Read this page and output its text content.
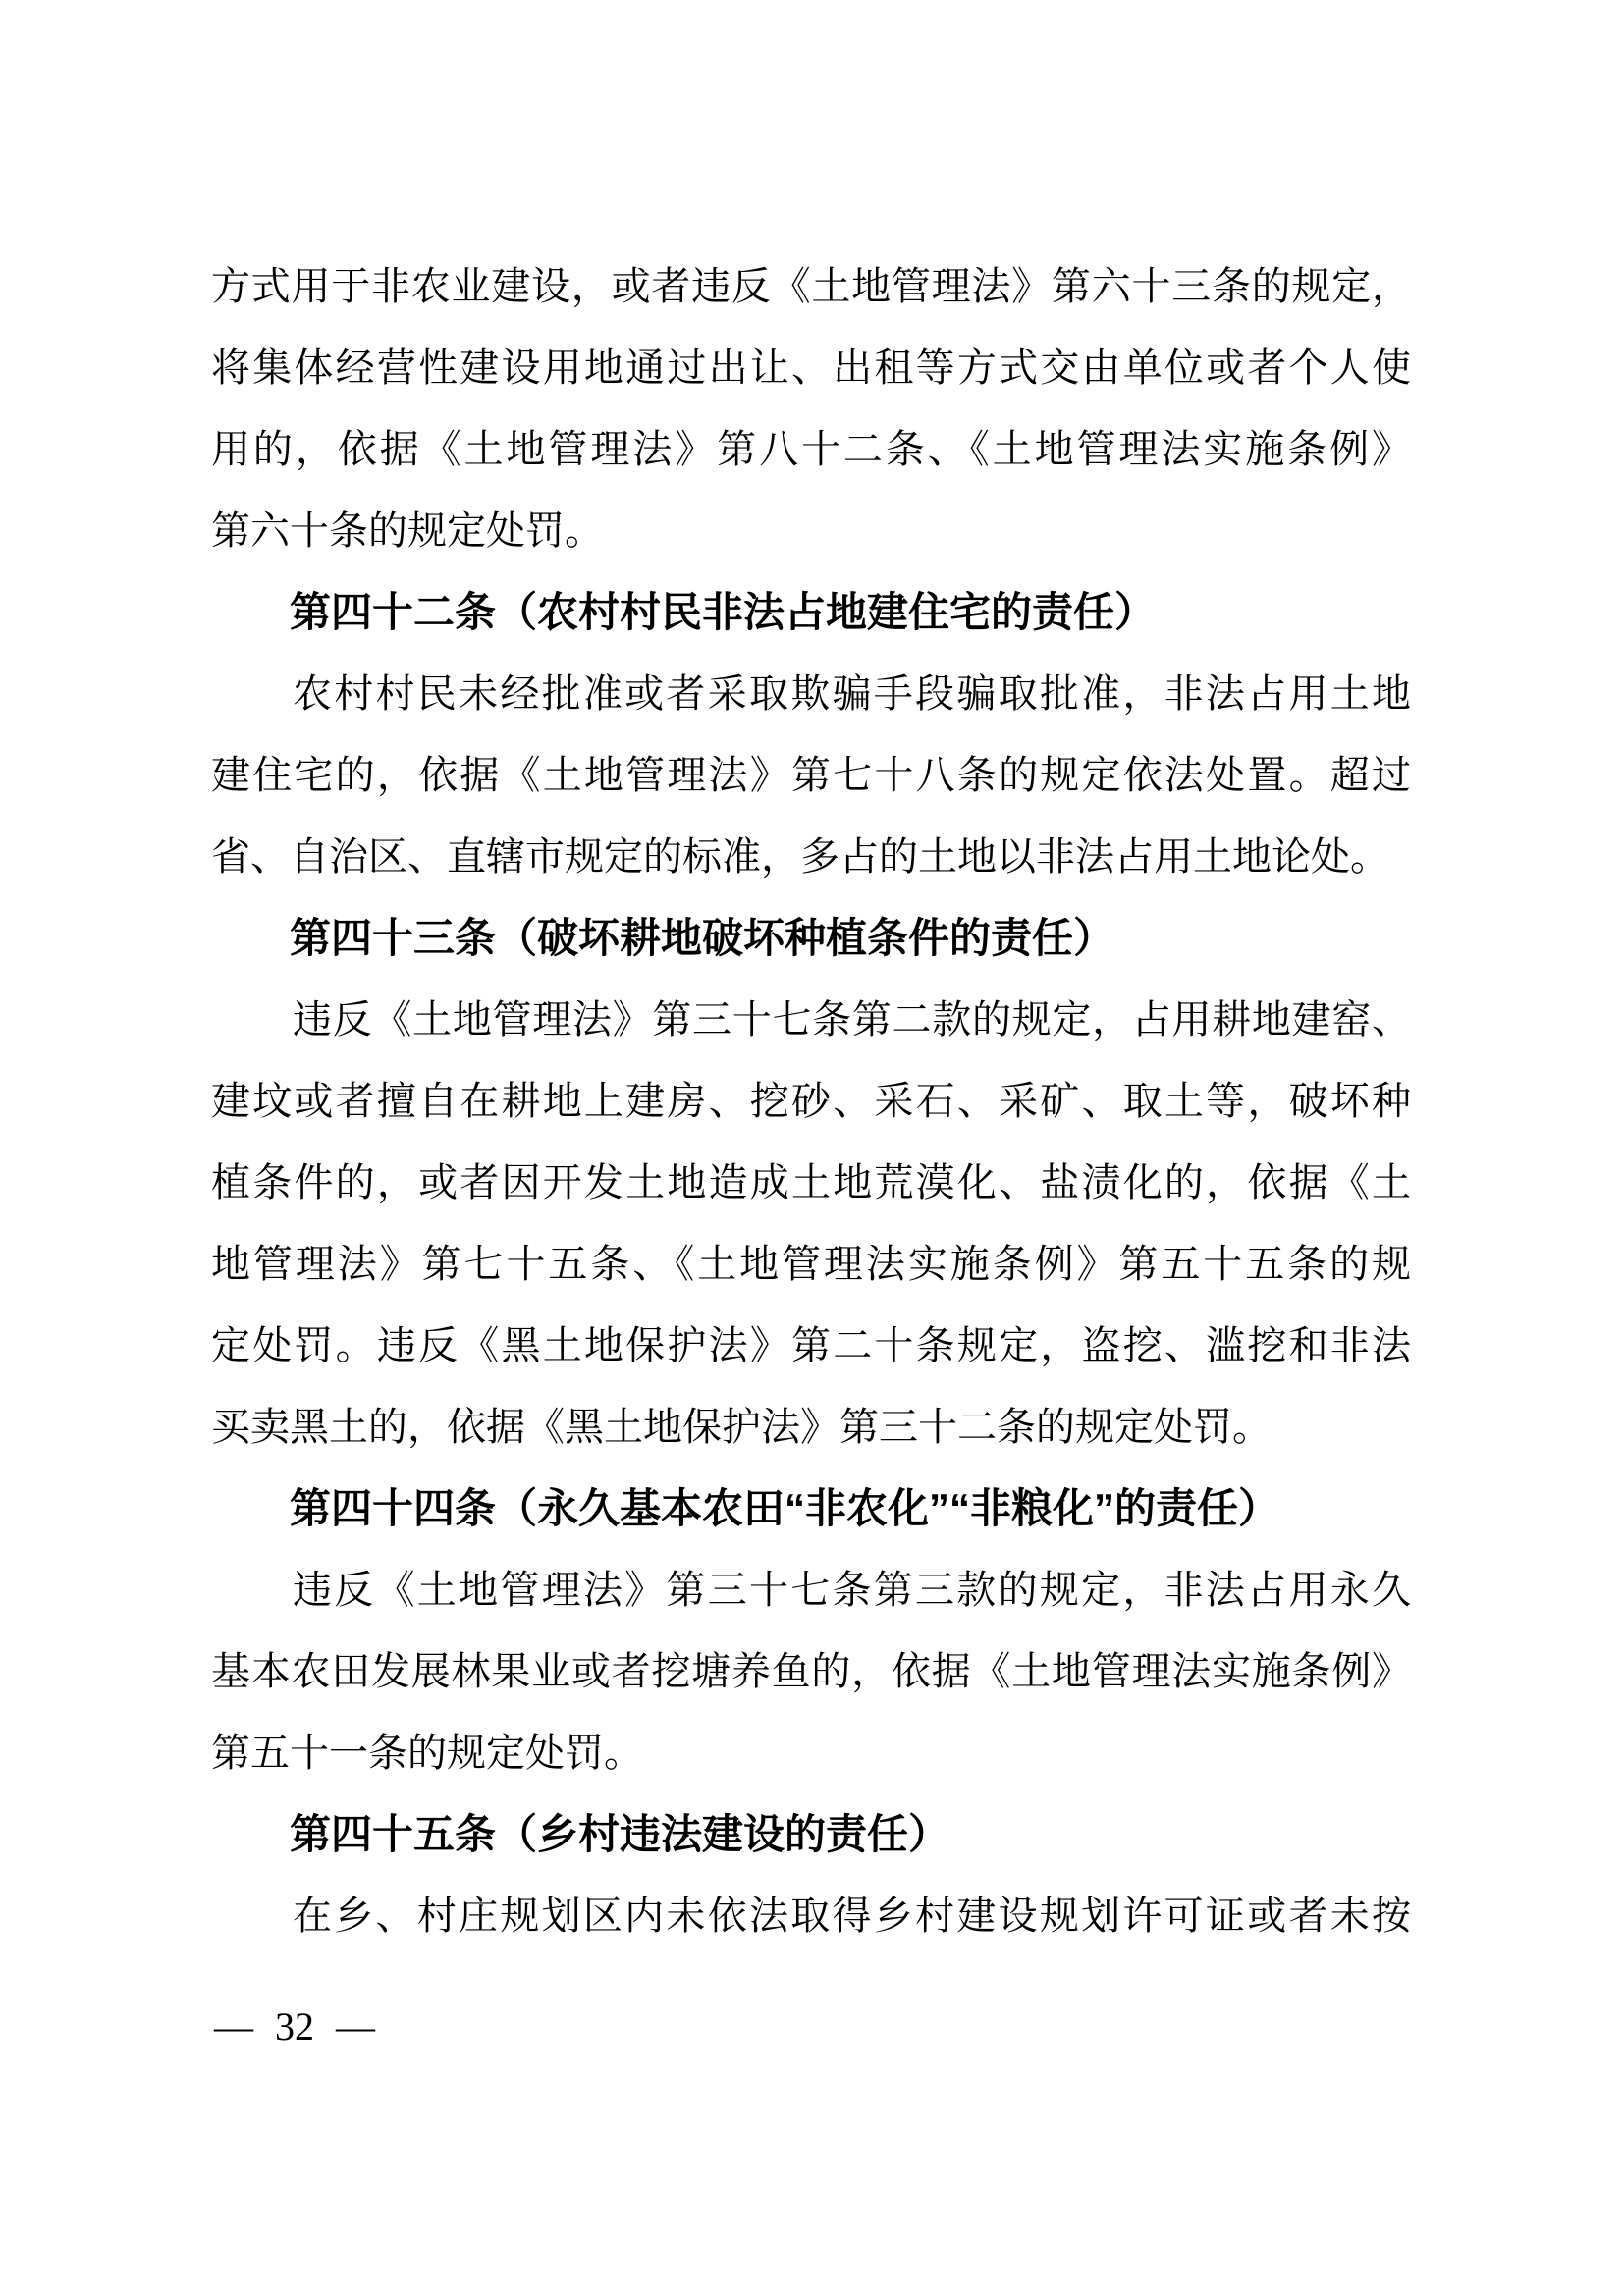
方式用于非农业建设，或者违反《土地管理法》第六十三条的规定，
将集体经营性建设用地通过出让、出租等方式交由单位或者个人使
用的，依据《土地管理法》第八十二条、《土地管理法实施条例》
第六十条的规定处罚。
第四十二条（农村村民非法占地建住宅的责任）
农村村民未经批准或者采取欺骗手段骗取批准，非法占用土地
建住宅的，依据《土地管理法》第七十八条的规定依法处置。超过
省、自治区、直辖市规定的标准，多占的土地以非法占用土地论处。
第四十三条（破坏耕地破坏种植条件的责任）
违反《土地管理法》第三十七条第二款的规定，占用耕地建窑、
建坟或者擅自在耕地上建房、挖砂、采石、采矿、取土等，破坏种
植条件的，或者因开发土地造成土地荒漠化、盐渍化的，依据《土
地管理法》第七十五条、《土地管理法实施条例》第五十五条的规
定处罚。违反《黑土地保护法》第二十条规定，盗挖、滥挖和非法
买卖黑土的，依据《黑土地保护法》第三十二条的规定处罚。
第四十四条（永久基本农田“非农化”“非粮化”的责任）
违反《土地管理法》第三十七条第三款的规定，非法占用永久
基本农田发展林果业或者挖塘养鱼的，依据《土地管理法实施条例》
第五十一条的规定处罚。
第四十五条（乡村违法建设的责任）
在乡、村庄规划区内未依法取得乡村建设规划许可证或者未按
— 32 —
